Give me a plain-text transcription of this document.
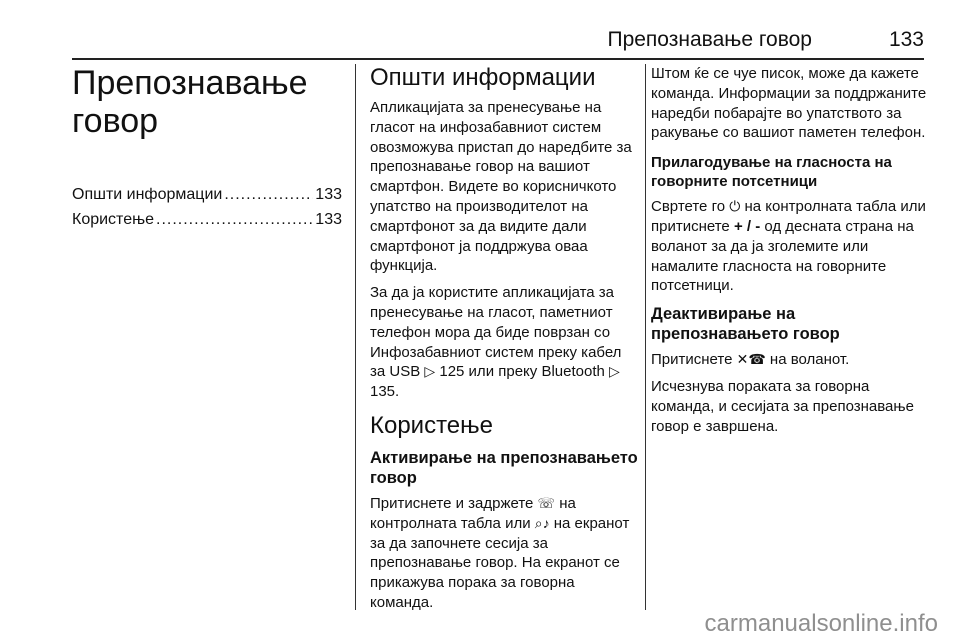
Препознавање говор	133
Препознавање говор
Општи информации .....	133
Користење .....	133
Општи информации

Апликацијата за пренесување на гласот на инфозабавниот систем овозможува пристап до наредбите за препознавање говор на вашиот смартфон. Видете во корисничкото упатство на производителот на смартфонот за да видите дали смартфонот ја поддржува оваа функција.

За да ја користите апликацијата за пренесување на гласот, паметниот телефон мора да биде поврзан со Инфозабавниот систем преку кабел за USB ▷ 125 или преку Bluetooth ▷ 135.

Користење
Активирање на препознавањето говор

Притиснете и задржете ☏ на контролната табла или ⌕♪ на екранот за да започнете сесија за препознавање говор. На екранот се прикажува порака за говорна команда.

Штом ќе се чуе писок, може да кажете команда. Информации за поддржаните наредби побарајте во упатството за ракување со вашиот паметен телефон.

Прилагодување на гласноста на говорните потсетници

Свртете го ⏻ на контролната табла или притиснете + / - од десната страна на воланот за да ја зголемите или намалите гласноста на говорните потсетници.

Деактивирање на препознавањето говор

Притиснете ✕☎ на воланот.

Исчезнува поракатa за говорна команда, и сесијата за препознавање говор е завршена.

carmanualsonline.info
